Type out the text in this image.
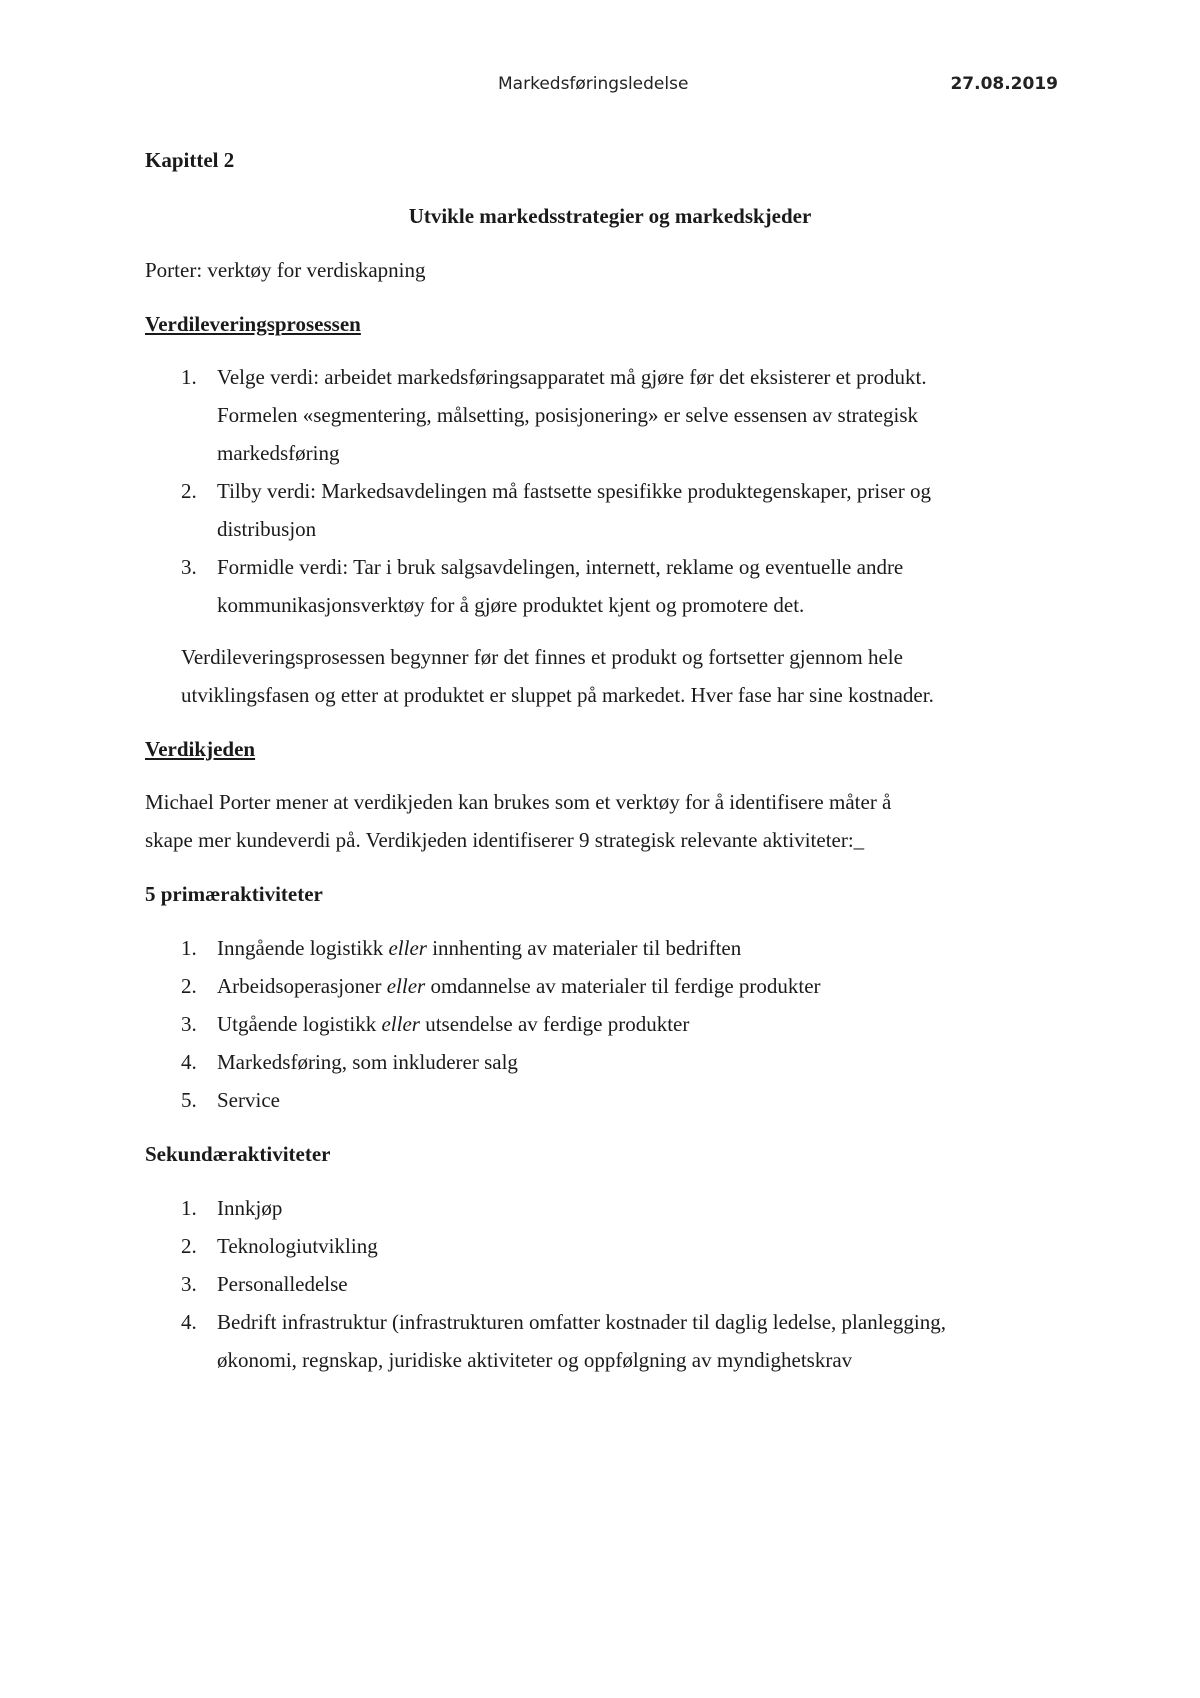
Markedsføringsledelse	27.08.2019
Kapittel 2
Utvikle markedsstrategier og markedskjeder
Porter: verktøy for verdiskapning
Verdileveringsprosessen
1. Velge verdi: arbeidet markedsføringsapparatet må gjøre før det eksisterer et produkt.
Formelen «segmentering, målsetting, posisjonering» er selve essensen av strategisk
markedsføring
2. Tilby verdi: Markedsavdelingen må fastsette spesifikke produktegenskaper, priser og
distribusjon
3. Formidle verdi: Tar i bruk salgsavdelingen, internett, reklame og eventuelle andre
kommunikasjonsverktøy for å gjøre produktet kjent og promotere det.
Verdileveringsprosessen begynner før det finnes et produkt og fortsetter gjennom hele
utviklingsfasen og etter at produktet er sluppet på markedet. Hver fase har sine kostnader.
Verdikjeden
Michael Porter mener at verdikjeden kan brukes som et verktøy for å identifisere måter å
skape mer kundeverdi på. Verdikjeden identifiserer 9 strategisk relevante aktiviteter:_
5 primæraktiviteter
1. Inngående logistikk eller innhenting av materialer til bedriften
2. Arbeidsoperasjoner eller omdannelse av materialer til ferdige produkter
3. Utgående logistikk eller utsendelse av ferdige produkter
4. Markedsføring, som inkluderer salg
5. Service
Sekundæraktiviteter
1. Innkjøp
2. Teknologiutvikling
3. Personalledelse
4. Bedrift infrastruktur (infrastrukturen omfatter kostnader til daglig ledelse, planlegging,
økonomi, regnskap, juridiske aktiviteter og oppfølgning av myndighetskrav
